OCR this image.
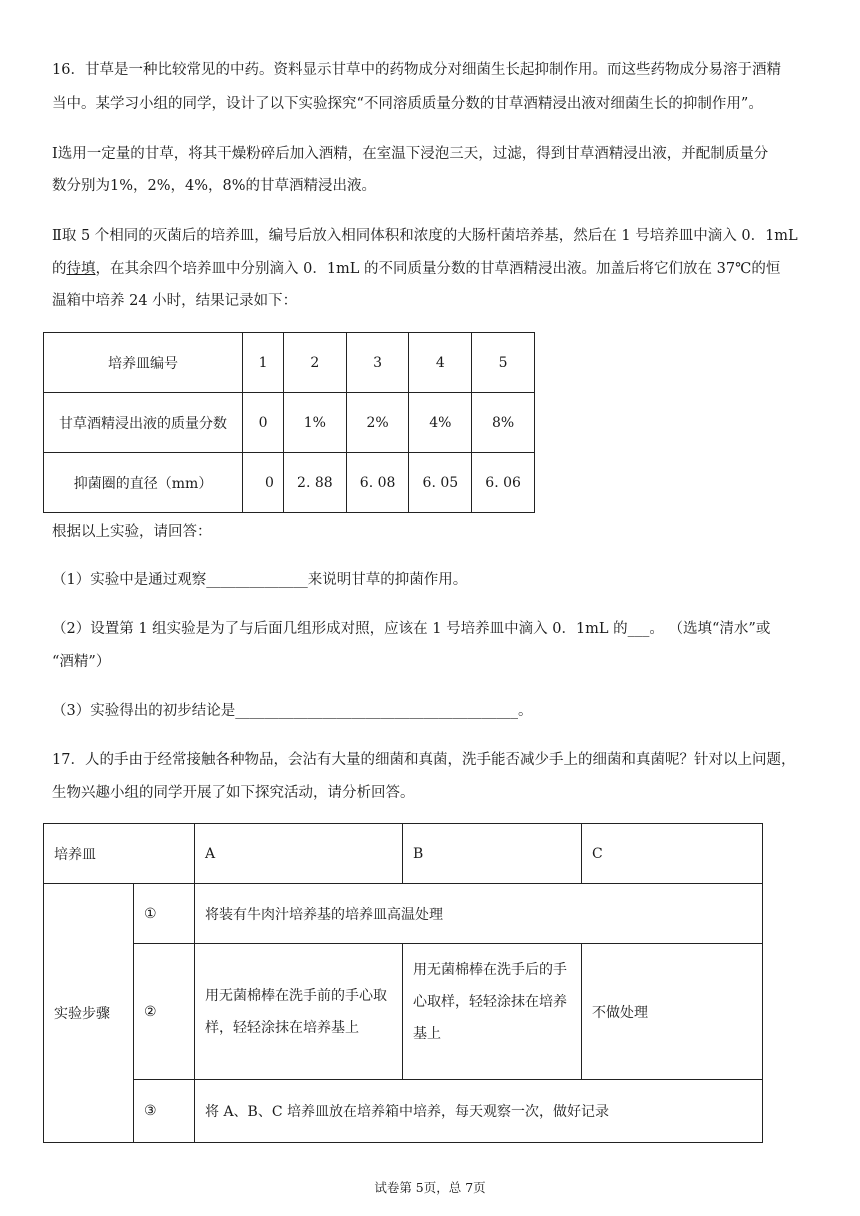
16．甘草是一种比较常见的中药。资料显示甘草中的药物成分对细菌生长起抑制作用。而这些药物成分易溶于酒精
当中。某学习小组的同学，设计了以下实验探究“不同溶质质量分数的甘草酒精浸出液对细菌生长的抑制作用”。
Ⅰ选用一定量的甘草，将其干燥粉碎后加入酒精，在室温下浸泡三天，过滤，得到甘草酒精浸出液，并配制质量分
数分别为1%，2%，4%，8%的甘草酒精浸出液。
Ⅱ取 5 个相同的灭菌后的培养皿，编号后放入相同体积和浓度的大肠杆菌培养基，然后在 1 号培养皿中滴入 0．1mL
的待填，在其余四个培养皿中分别滴入 0．1mL 的不同质量分数的甘草酒精浸出液。加盖后将它们放在 37℃的恒
温箱中培养 24 小时，结果记录如下：
培养皿编号	1	2	3	4	5
甘草酒精浸出液的质量分数	0	1%	2%	4%	8%
抑菌圈的直径（mm）	0	2. 88	6. 08	6. 05	6. 06
根据以上实验，请回答：
（1）实验中是通过观察______________来说明甘草的抑菌作用。
（2）设置第 1 组实验是为了与后面几组形成对照，应该在 1 号培养皿中滴入 0．1mL 的___。 （选填“清水”或
“酒精”）
（3）实验得出的初步结论是_______________________________________。
17．人的手由于经常接触各种物品，会沾有大量的细菌和真菌，洗手能否减少手上的细菌和真菌呢？针对以上问题，
生物兴趣小组的同学开展了如下探究活动，请分析回答。
培养皿		A	B	C
实验步骤	①	将装有牛肉汁培养基的培养皿高温处理		
	②	用无菌棉棒在洗手前的手心取样，轻轻涂抹在培养基上	用无菌棉棒在洗手后的手心取样，轻轻涂抹在培养基上	不做处理
	③	将 A、B、C 培养皿放在培养箱中培养，每天观察一次，做好记录		
试卷第 5页，总 7页
